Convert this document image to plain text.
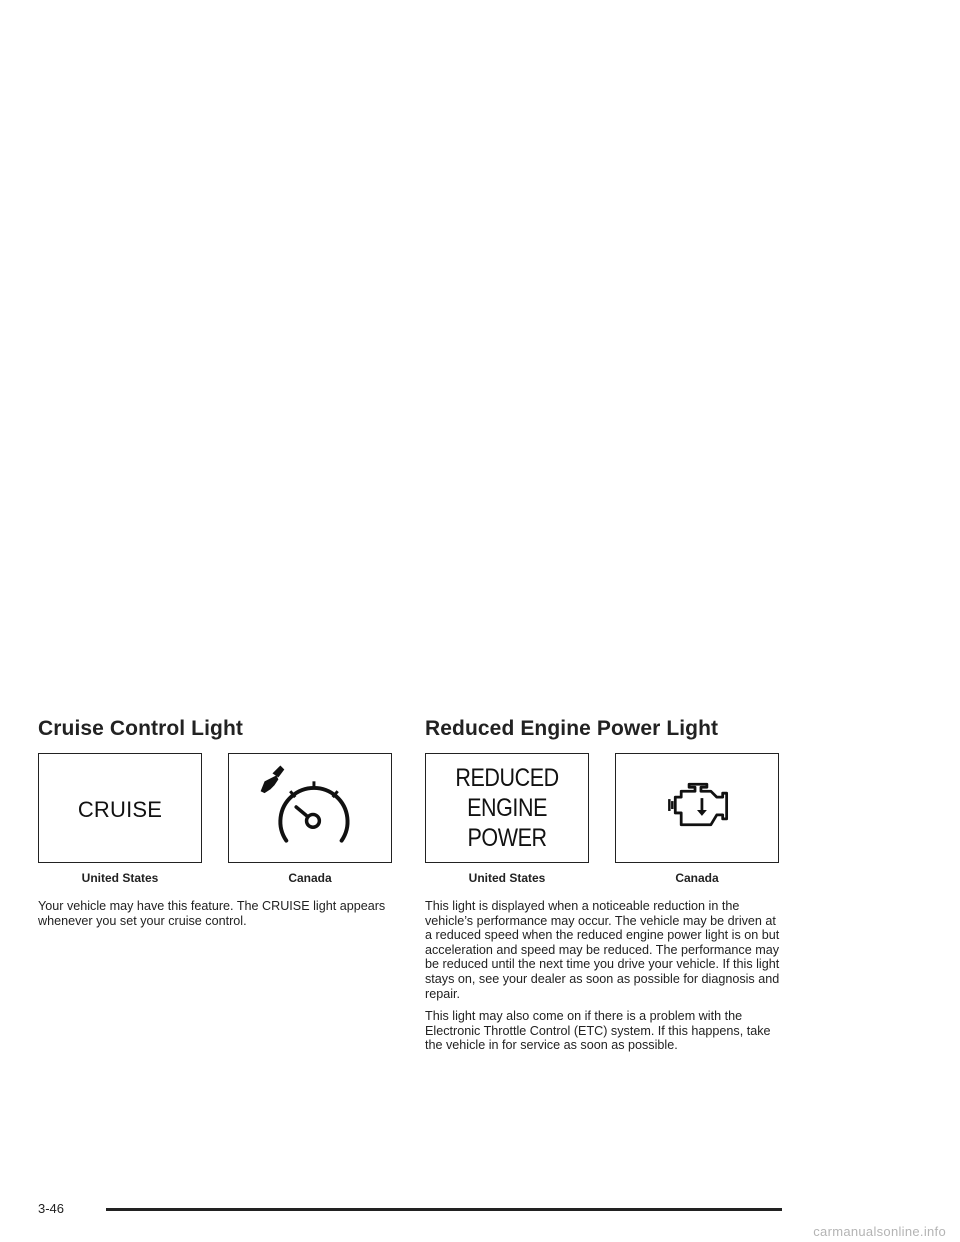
Cruise Control Light
CRUISE
United States	Canada

Your vehicle may have this feature. The CRUISE light appears whenever you set your cruise control.

Reduced Engine Power Light
REDUCED
ENGINE
POWER
United States	Canada

This light is displayed when a noticeable reduction in the vehicle’s performance may occur. The vehicle may be driven at a reduced speed when the reduced engine power light is on but acceleration and speed may be reduced. The performance may be reduced until the next time you drive your vehicle. If this light stays on, see your dealer as soon as possible for diagnosis and repair.

This light may also come on if there is a problem with the Electronic Throttle Control (ETC) system. If this happens, take the vehicle in for service as soon as possible.

3-46
carmanualsonline.info
